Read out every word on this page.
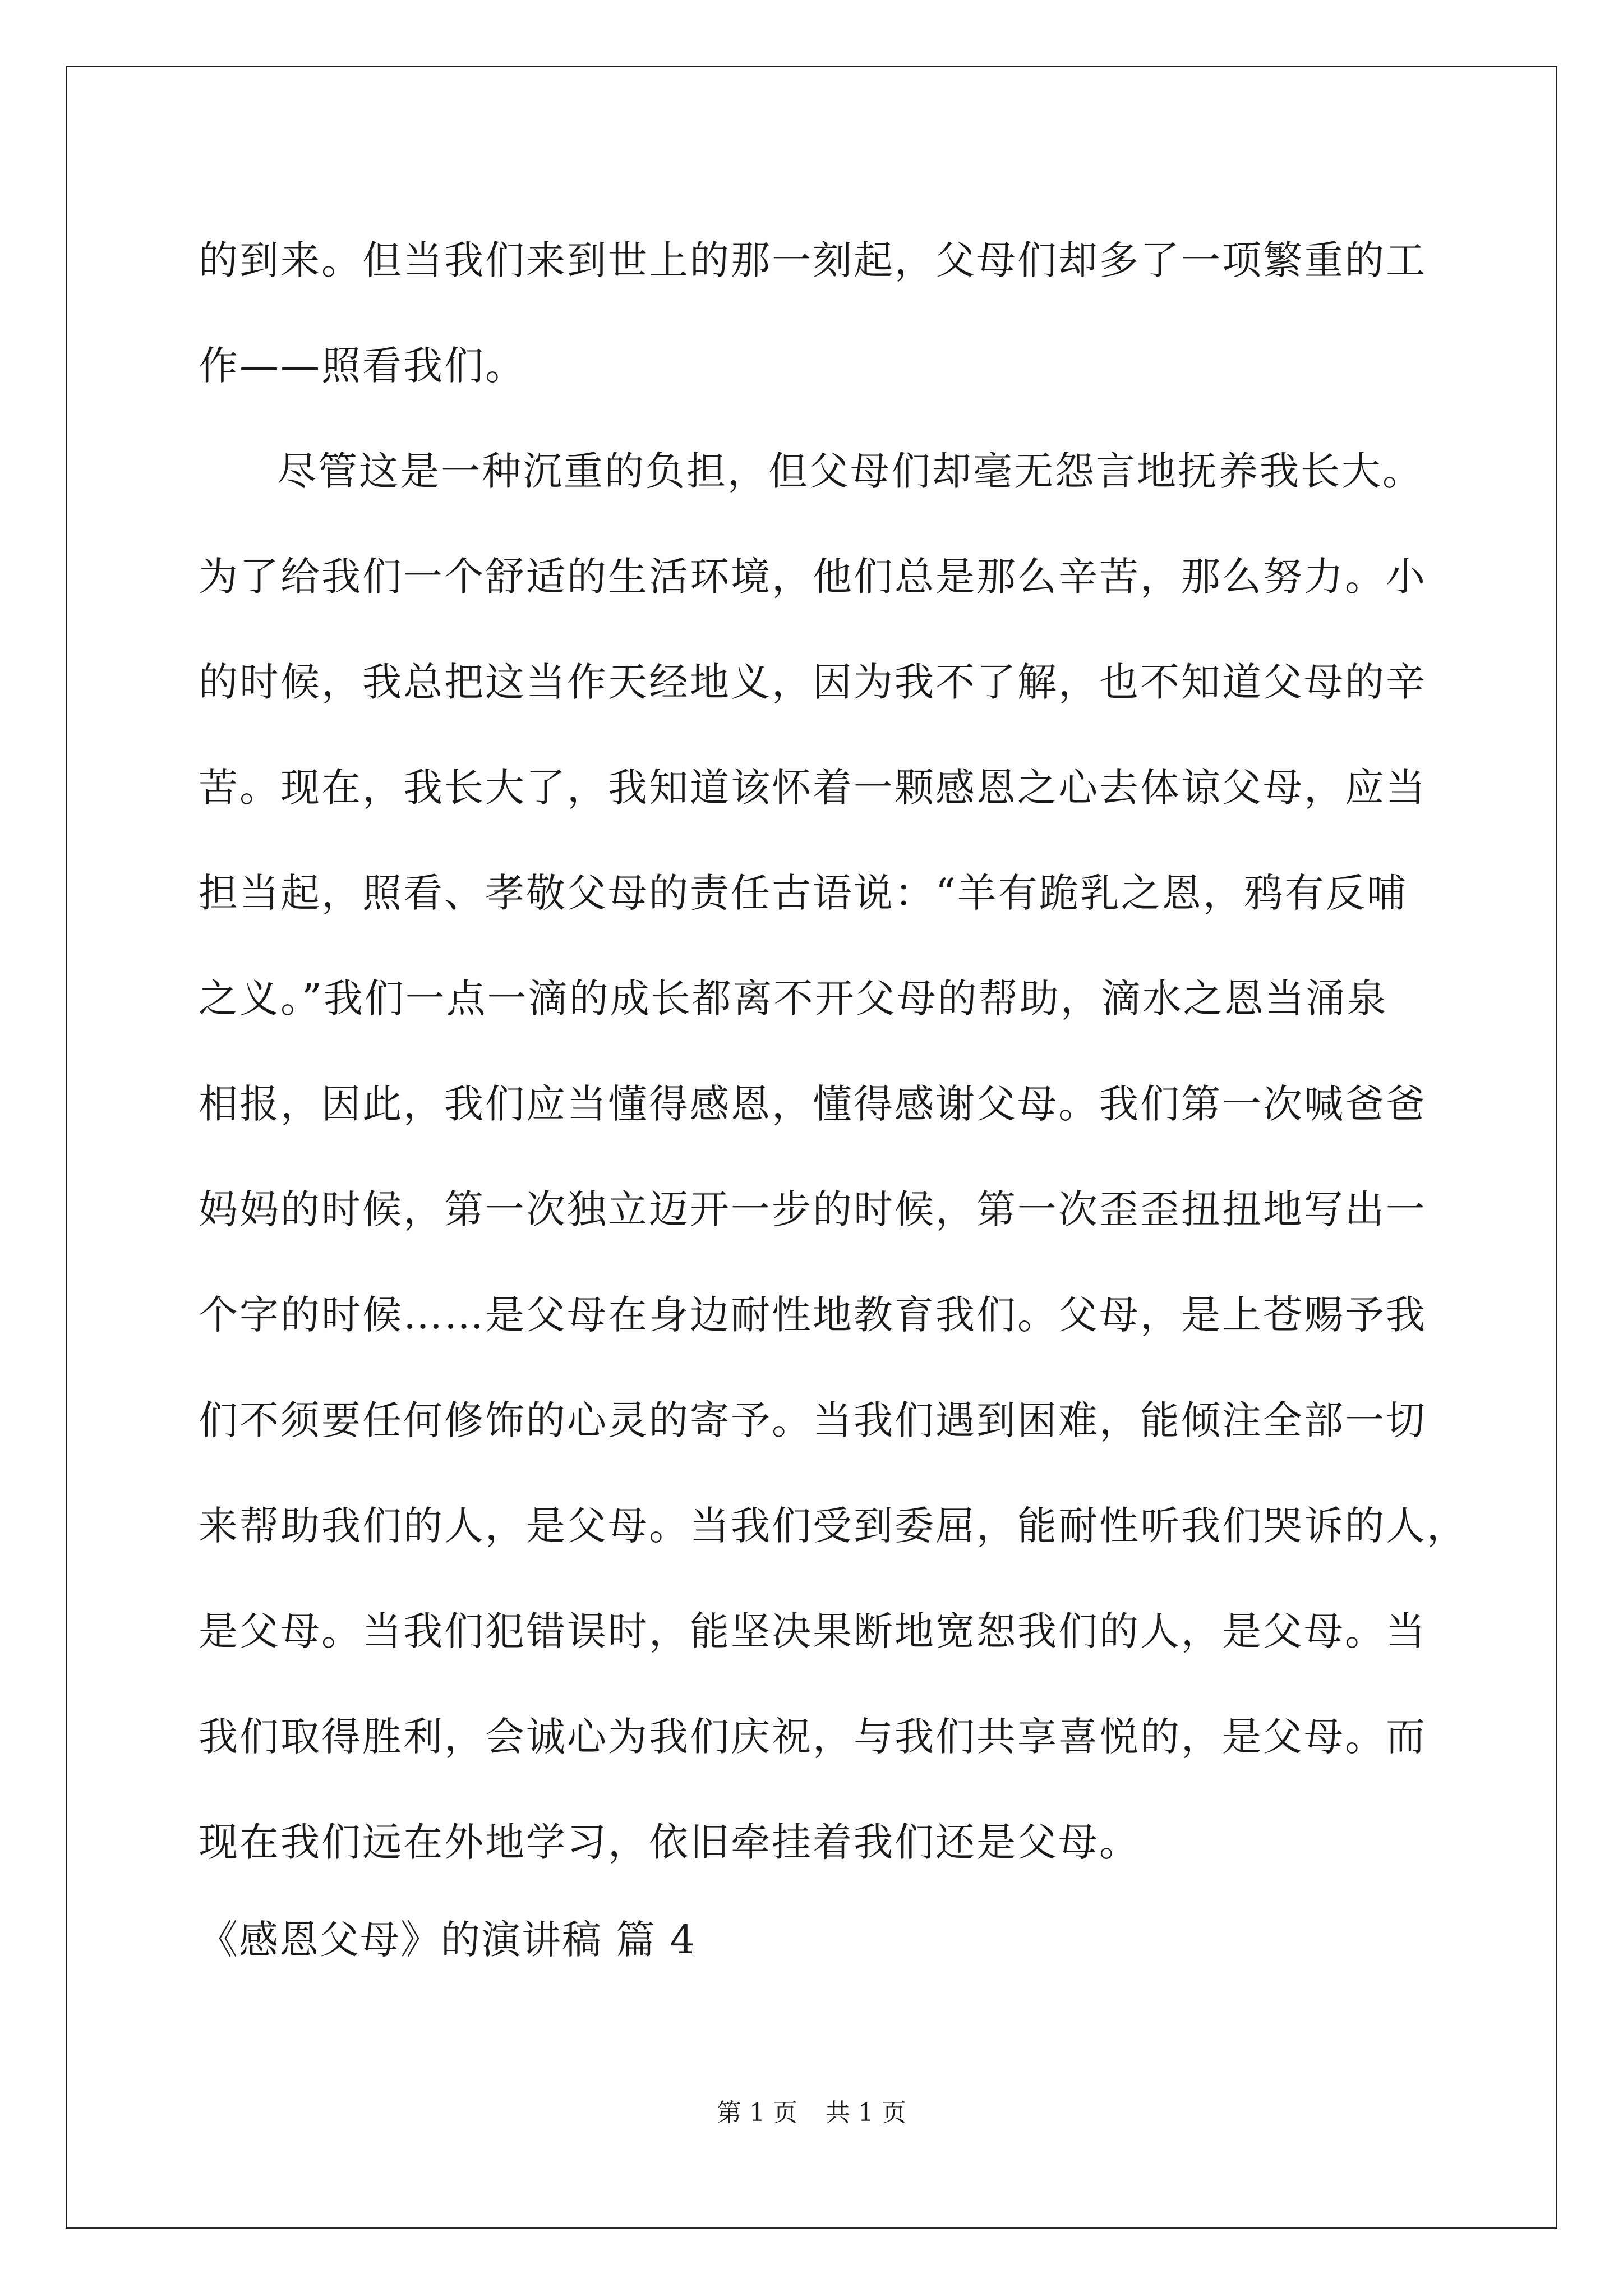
的到来。但当我们来到世上的那一刻起，父母们却多了一项繁重的工
作——照看我们。
尽管这是一种沉重的负担，但父母们却毫无怨言地抚养我长大。
为了给我们一个舒适的生活环境，他们总是那么辛苦，那么努力。小
的时候，我总把这当作天经地义，因为我不了解，也不知道父母的辛
苦。现在，我长大了，我知道该怀着一颗感恩之心去体谅父母，应当
担当起，照看、孝敬父母的责任古语说：“羊有跪乳之恩，鸦有反哺
之义。”我们一点一滴的成长都离不开父母的帮助，滴水之恩当涌泉
相报，因此，我们应当懂得感恩，懂得感谢父母。我们第一次喊爸爸
妈妈的时候，第一次独立迈开一步的时候，第一次歪歪扭扭地写出一
个字的时候……是父母在身边耐性地教育我们。父母，是上苍赐予我
们不须要任何修饰的心灵的寄予。当我们遇到困难，能倾注全部一切
来帮助我们的人，是父母。当我们受到委屈，能耐性听我们哭诉的人，
是父母。当我们犯错误时，能坚决果断地宽恕我们的人，是父母。当
我们取得胜利，会诚心为我们庆祝，与我们共享喜悦的，是父母。而
现在我们远在外地学习，依旧牵挂着我们还是父母。
《感恩父母》的演讲稿 篇 4
第 1 页 共 1 页
